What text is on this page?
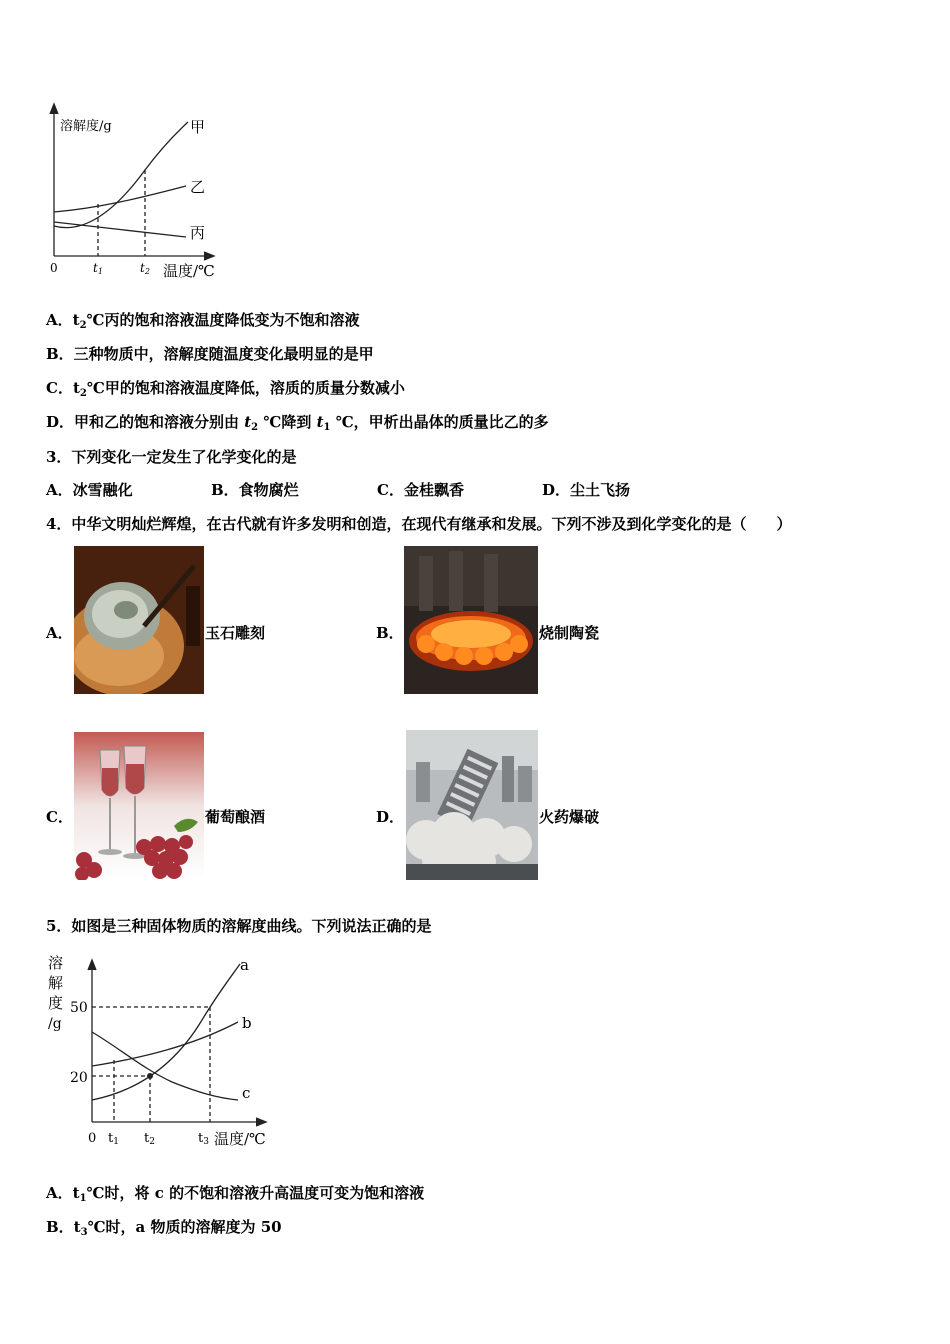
溶解度/g	甲
乙
丙
0	t1	t2 温度/℃
A．$t_2℃$丙的饱和溶液温度降低变为不饱和溶液
B．三种物质中，溶解度随温度变化最明显的是甲
C．$t_2℃$甲的饱和溶液温度降低，溶质的质量分数减小
D．甲和乙的饱和溶液分别由 $t_2$ ℃降到 $t_1$ ℃，甲析出晶体的质量比乙的多
3．下列变化一定发生了化学变化的是
A．冰雪融化	B．食物腐烂	C．金桂飘香	D．尘土飞扬
4．中华文明灿烂辉煌，在古代就有许多发明和创造，在现代有继承和发展。下列不涉及到化学变化的是（　　）
A．	玉石雕刻	B．	烧制陶瓷
C．	葡萄酿酒	D．	火药爆破
5．如图是三种固体物质的溶解度曲线。下列说法正确的是
溶
解
度
/g
50
20
0 t1 t2	t3 温度/℃
a
b
c
A．$t_1℃$时，将 c 的不饱和溶液升高温度可变为饱和溶液
B．$t_3℃$时，a 物质的溶解度为 50
